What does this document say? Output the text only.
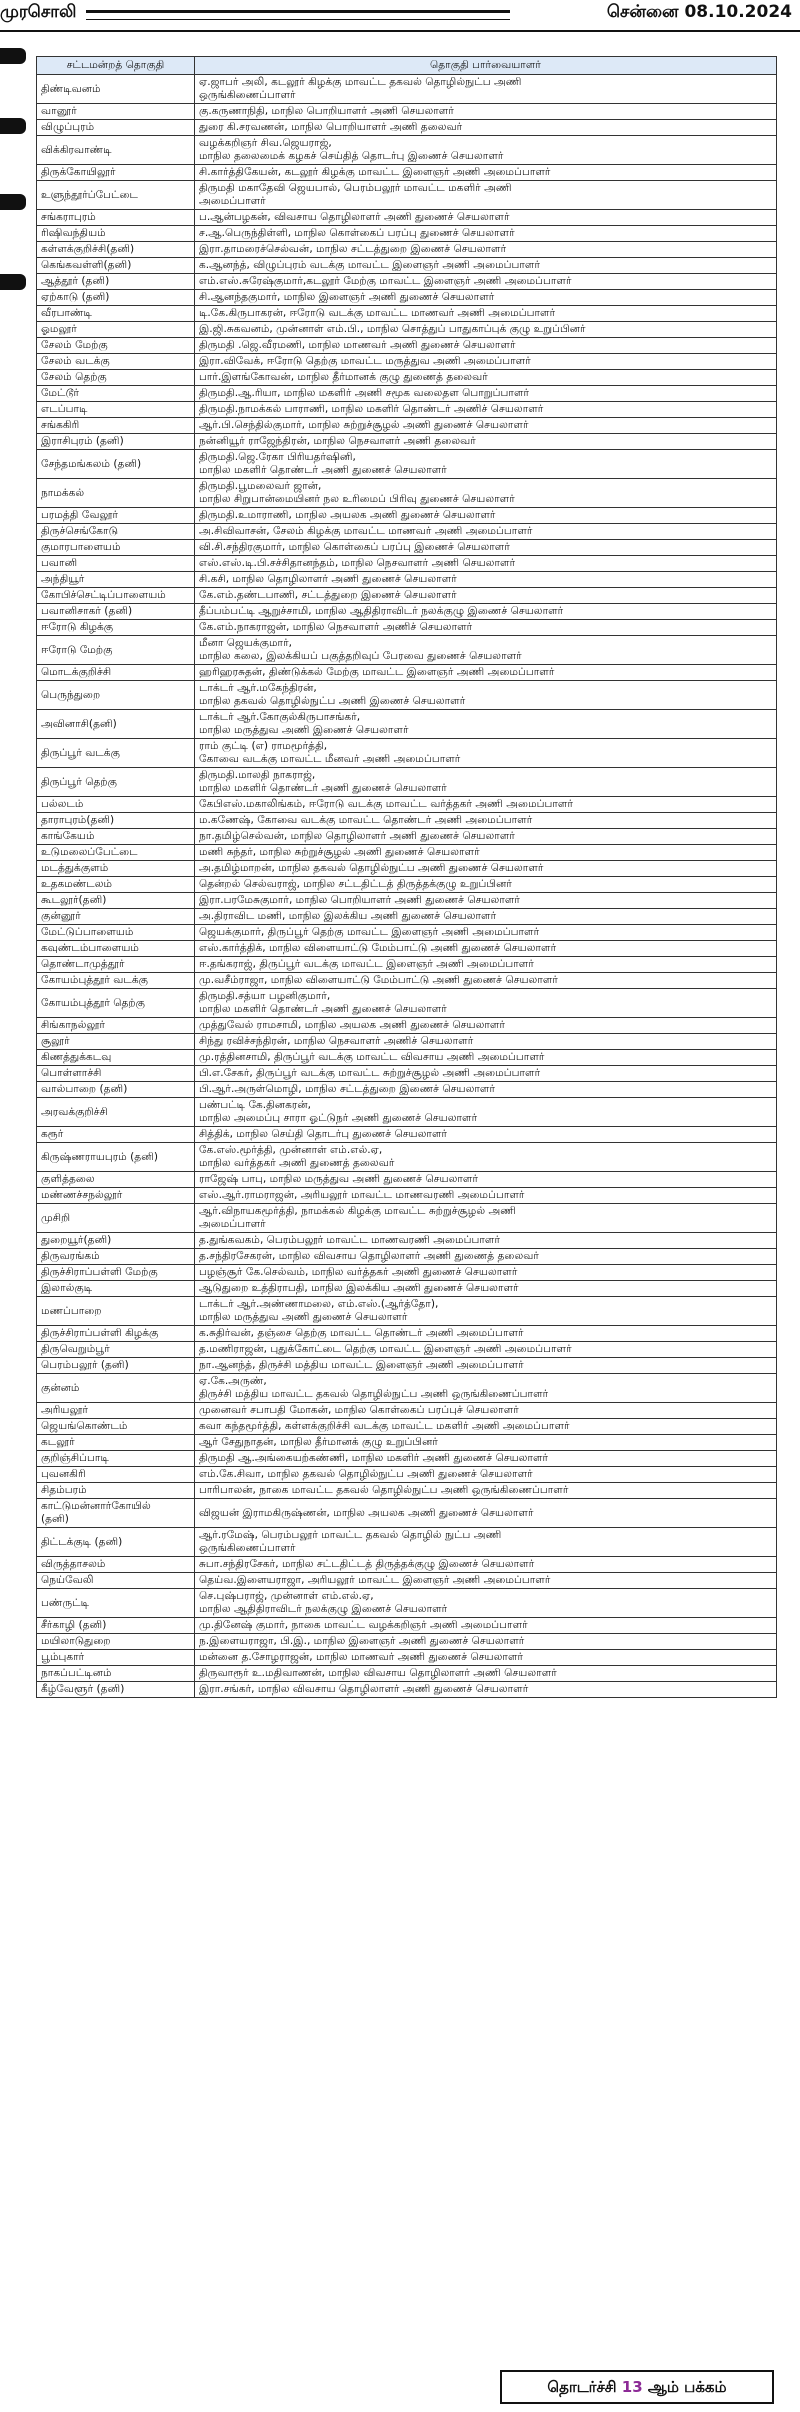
முரசொலி	சென்னை 08.10.2024
சட்டமன்றத் தொகுதி	தொகுதி பார்வையாளர்
திண்டிவனம்	ஏ.ஜாபர் அலி, கடலூர் கிழக்கு மாவட்ட தகவல் தொழில்நுட்ப அணி
ஒருங்கிணைப்பாளர்
வானூர்	கு.கருணாநிதி, மாநில பொறியாளர் அணி செயலாளர்
விழுப்புரம்	துரை கி.சரவணன், மாநில பொறியாளர் அணி தலைவர்
விக்கிரவாண்டி	வழக்கறிஞர் சிவ.ஜெயராஜ்,
மாநில தலைமைக் கழகச் செய்தித் தொடர்பு இணைச் செயலாளர்
திருக்கோயிலூர்	சி.கார்த்திகேயன், கடலூர் கிழக்கு மாவட்ட இளைஞர் அணி அமைப்பாளர்
உளுந்தூர்ப்பேட்டை	திருமதி மகாதேவி ஜெயபால், பெரம்பலூர் மாவட்ட மகளிர் அணி
அமைப்பாளர்
சங்கராபுரம்	ப.ஆன்பழகன், விவசாய தொழிலாளர் அணி துணைச் செயலாளர்
ரிஷிவந்தியம்	ச.ஆ.பெருந்திள்ளி, மாநில கொள்கைப் பரப்பு துணைச் செயலாளர்
கள்ளக்குறிச்சி(தனி)	இரா.தாமரைச்செல்வன், மாநில சட்டத்துறை இணைச் செயலாளர்
கெங்கவள்ளி(தனி)	க.ஆனந்த், விழுப்புரம் வடக்கு மாவட்ட இளைஞர் அணி அமைப்பாளர்
ஆத்தூர் (தனி)	எம்.எஸ்.சுரேஷ்குமார்,கடலூர் மேற்கு மாவட்ட இளைஞர் அணி அமைப்பாளர்
ஏற்காடு (தனி)	சி.ஆனந்தகுமார், மாநில இளைஞர் அணி துணைச் செயலாளர்
வீரபாண்டி	டி.கே.கிருபாகரன், ஈரோடு வடக்கு மாவட்ட மாணவர் அணி அமைப்பாளர்
ஓமலூர்	இ.ஜி.சுகவனம், முன்னாள் எம்.பி., மாநில சொத்துப் பாதுகாப்புக் குழு உறுப்பினர்
சேலம் மேற்கு	திருமதி .ஜெ.வீரமணி, மாநில மாணவர் அணி துணைச் செயலாளர்
சேலம் வடக்கு	இரா.விவேக், ஈரோடு தெற்கு மாவட்ட மருத்துவ அணி அமைப்பாளர்
சேலம் தெற்கு	பார்.இளங்கோவன், மாநில தீர்மானக் குழு துணைத் தலைவர்
மேட்டூர்	திருமதி.ஆ.ரியா, மாநில மகளிர் அணி சமூக வலைதள பொறுப்பாளர்
எடப்பாடி	திருமதி.நாமக்கல் பாராணி, மாநில மகளிர் தொண்டர் அணிச் செயலாளர்
சங்ககிரி	ஆர்.பி.செந்தில்குமார், மாநில சுற்றுச்சூழல் அணி துணைச் செயலாளர்
இராசிபுரம் (தனி)	நன்னியூர் ராஜேந்திரன், மாநில நெசவாளர் அணி தலைவர்
சேந்தமங்கலம் (தனி)	திருமதி.ஜெ.ரேகா பிரியதர்ஷினி,
மாநில மகளிர் தொண்டர் அணி துணைச் செயலாளர்
நாமக்கல்	திருமதி.பூமலைவர் ஜான்,
மாநில சிறுபான்மையினர் நல உரிமைப் பிரிவு துணைச் செயலாளர்
பரமத்தி வேலூர்	திருமதி.உமாராணி, மாநில அயலக அணி துணைச் செயலாளர்
திருச்செங்கோடு	அ.சிவிவாசன், சேலம் கிழக்கு மாவட்ட மாணவர் அணி அமைப்பாளர்
குமாரபாளையம்	வி.சி.சந்திரகுமார், மாநில கொள்கைப் பரப்பு இணைச் செயலாளர்
பவானி	எஸ்.எஸ்.டி.பி.சச்சிதானந்தம், மாநில நெசவாளர் அணி செயலாளர்
அந்தியூர்	சி.கசி, மாநில தொழிலாளர் அணி துணைச் செயலாளர்
கோபிச்செட்டிப்பாளையம்	கே.எம்.தண்டபாணி, சட்டத்துறை இணைச் செயலாளர்
பவானிசாகர் (தனி)	தீப்பம்பட்டி ஆறுச்சாமி, மாநில ஆதிதிராவிடர் நலக்குழு இணைச் செயலாளர்
ஈரோடு கிழக்கு	கே.எம்.நாகராஜன், மாநில நெசவாளர் அணிச் செயலாளர்
ஈரோடு மேற்கு	மீனா ஜெயக்குமார்,
மாநில கலை, இலக்கியப் பகுத்தறிவுப் பேரவை துணைச் செயலாளர்
மொடக்குறிச்சி	ஹரிஹரசுதன், திண்டுக்கல் மேற்கு மாவட்ட இளைஞர் அணி அமைப்பாளர்
பெருந்துறை	டாக்டர் ஆர்.மகேந்திரன்,
மாநில தகவல் தொழில்நுட்ப அணி இணைச் செயலாளர்
அவினாசி(தனி)	டாக்டர் ஆர்.கோகுல்கிருபாசங்கர்,
மாநில மருத்துவ அணி இணைச் செயலாளர்
திருப்பூர் வடக்கு	ராம் குட்டி (எ) ராமமூர்த்தி,
கோவை வடக்கு மாவட்ட மீனவர் அணி அமைப்பாளர்
திருப்பூர் தெற்கு	திருமதி.மாலதி நாகராஜ்,
மாநில மகளிர் தொண்டர் அணி துணைச் செயலாளர்
பல்லடம்	கேபிஎஸ்.மகாலிங்கம், ஈரோடு வடக்கு மாவட்ட வர்த்தகர் அணி அமைப்பாளர்
தாராபுரம்(தனி)	ம.கணேஷ், கோவை வடக்கு மாவட்ட தொண்டர் அணி அமைப்பாளர்
காங்கேயம்	நா.தமிழ்செல்வன், மாநில தொழிலாளர் அணி துணைச் செயலாளர்
உடுமலைப்பேட்டை	மணி சுந்தர், மாநில சுற்றுச்சூழல் அணி துணைச் செயலாளர்
மடத்துக்குளம்	அ.தமிழ்மாறன், மாநில தகவல் தொழில்நுட்ப அணி துணைச் செயலாளர்
உதகமண்டலம்	தென்றல் செல்வராஜ், மாநில சட்டதிட்டத் திருத்தக்குழு உறுப்பினர்
கூடலூர்(தனி)	இரா.பரமேசுகுமார், மாநில பொறியாளர் அணி துணைச் செயலாளர்
குன்னூர்	அ.திராவிட மணி, மாநில இலக்கிய அணி துணைச் செயலாளர்
மேட்டுப்பாளையம்	ஜெயக்குமார், திருப்பூர் தெற்கு மாவட்ட இளைஞர் அணி அமைப்பாளர்
கவுண்டம்பாளையம்	எஸ்.கார்த்திக், மாநில விளையாட்டு மேம்பாட்டு அணி துணைச் செயலாளர்
தொண்டாமுத்தூர்	ஈ.தங்கராஜ், திருப்பூர் வடக்கு மாவட்ட இளைஞர் அணி அமைப்பாளர்
கோயம்புத்தூர் வடக்கு	மு.வசீம்ராஜா, மாநில விளையாட்டு மேம்பாட்டு அணி துணைச் செயலாளர்
கோயம்புத்தூர் தெற்கு	திருமதி.சத்யா பழனிகுமார்,
மாநில மகளிர் தொண்டர் அணி துணைச் செயலாளர்
சிங்காநல்லூர்	முத்துவேல் ராமசாமி, மாநில அயலக அணி துணைச் செயலாளர்
சூலூர்	சிந்து ரவிச்சந்திரன், மாநில நெசவாளர் அணிச் செயலாளர்
கிணத்துக்கடவு	மு.ரத்தினசாமி, திருப்பூர் வடக்கு மாவட்ட விவசாய அணி அமைப்பாளர்
பொள்ளாச்சி	பி.எ.சேகர், திருப்பூர் வடக்கு மாவட்ட சுற்றுச்சூழல் அணி அமைப்பாளர்
வால்பாறை (தனி)	பி.ஆர்.அருள்மொழி, மாநில சட்டத்துறை இணைச் செயலாளர்
அரவக்குறிச்சி	பண்பட்டி கே.தினகரன்,
மாநில அமைப்பு சாரா ஓட்டுநர் அணி துணைச் செயலாளர்
கரூர்	சித்திக், மாநில செய்தி தொடர்பு துணைச் செயலாளர்
கிருஷ்ணராயபுரம் (தனி)	கே.எஸ்.மூர்த்தி, முன்னாள் எம்.எல்.ஏ,
மாநில வர்த்தகர் அணி துணைத் தலைவர்
குளித்தலை	ராஜேஷ் பாபு, மாநில மருத்துவ அணி துணைச் செயலாளர்
மண்ணச்சநல்லூர்	எஸ்.ஆர்.ராமராஜன், அரியலூர் மாவட்ட மாணவரணி அமைப்பாளர்
முசிறி	ஆர்.விநாயகமூர்த்தி, நாமக்கல் கிழக்கு மாவட்ட சுற்றுச்சூழல் அணி
அமைப்பாளர்
துறையூர்(தனி)	த.துங்கவகம், பெரம்பலூர் மாவட்ட மாணவரணி அமைப்பாளர்
திருவரங்கம்	த.சந்திரசேகரன், மாநில விவசாய தொழிலாளர் அணி துணைத் தலைவர்
திருச்சிராப்பள்ளி மேற்கு	பழஞ்சூர் கே.செல்வம், மாநில வர்த்தகர் அணி துணைச் செயலாளர்
இலால்குடி	ஆடுதுறை உத்திராபதி, மாநில இலக்கிய அணி துணைச் செயலாளர்
மணப்பாறை	டாக்டர் ஆர்.அண்ணாமலை, எம்.எஸ்.(ஆர்த்தோ),
மாநில மருத்துவ அணி துணைச் செயலாளர்
திருச்சிராப்பள்ளி கிழக்கு	க.சுதிர்வன், தஞ்சை தெற்கு மாவட்ட தொண்டர் அணி அமைப்பாளர்
திருவெறும்பூர்	த.மணிராஜன், புதுக்கோட்டை தெற்கு மாவட்ட இளைஞர் அணி அமைப்பாளர்
பெரம்பலூர் (தனி)	நா.ஆனந்த், திருச்சி மத்திய மாவட்ட இளைஞர் அணி அமைப்பாளர்
குன்னம்	ஏ.கே.அருண்,
திருச்சி மத்திய மாவட்ட தகவல் தொழில்நுட்ப அணி ஒருங்கிணைப்பாளர்
அரியலூர்	முனைவர் சபாபதி மோகன், மாநில கொள்கைப் பரப்புச் செயலாளர்
ஜெயங்கொண்டம்	கவா கந்தமூர்த்தி, கள்ளக்குறிச்சி வடக்கு மாவட்ட மகளிர் அணி அமைப்பாளர்
கடலூர்	ஆர் சேதுநாதன், மாநில தீர்மானக் குழு உறுப்பினர்
குறிஞ்சிப்பாடி	திருமதி ஆ.அங்கையற்கண்ணி, மாநில மகளிர் அணி துணைச் செயலாளர்
புவனகிரி	எம்.கே.சிவா, மாநில தகவல் தொழில்நுட்ப அணி துணைச் செயலாளர்
சிதம்பரம்	பாரிபாலன், நாகை மாவட்ட தகவல் தொழில்நுட்ப அணி ஒருங்கிணைப்பாளர்
காட்டுமன்னார்கோயில்
(தனி)	விஜயன் இராமகிருஷ்ணன், மாநில அயலக அணி துணைச் செயலாளர்
திட்டக்குடி (தனி)	ஆர்.ரமேஷ், பெரம்பலூர் மாவட்ட தகவல் தொழில் நுட்ப அணி
ஒருங்கிணைப்பாளர்
விருத்தாசலம்	சுபா.சந்திரசேகர், மாநில சட்டதிட்டத் திருத்தக்குழு இணைச் செயலாளர்
நெய்வேலி	தெய்வ.இளையராஜா, அரியலூர் மாவட்ட இளைஞர் அணி அமைப்பாளர்
பண்ருட்டி	செ.புஷ்பராஜ், முன்னாள் எம்.எல்.ஏ,
மாநில ஆதிதிராவிடர் நலக்குழு இணைச் செயலாளர்
சீர்காழி (தனி)	மு.தினேஷ் குமார், நாகை மாவட்ட வழக்கறிஞர் அணி அமைப்பாளர்
மயிலாடுதுறை	ந.இளையராஜா, பி.இ., மாநில இளைஞர் அணி துணைச் செயலாளர்
பூம்புகார்	மன்னை த.சோழராஜன், மாநில மாணவர் அணி துணைச் செயலாளர்
நாகப்பட்டினம்	திருவாரூர் உ.மதிவாணன், மாநில விவசாய தொழிலாளர் அணி செயலாளர்
கீழ்வேளூர் (தனி)	இரா.சங்கர், மாநில விவசாய தொழிலாளர் அணி துணைச் செயலாளர்
தொடர்ச்சி 13 ஆம் பக்கம்
